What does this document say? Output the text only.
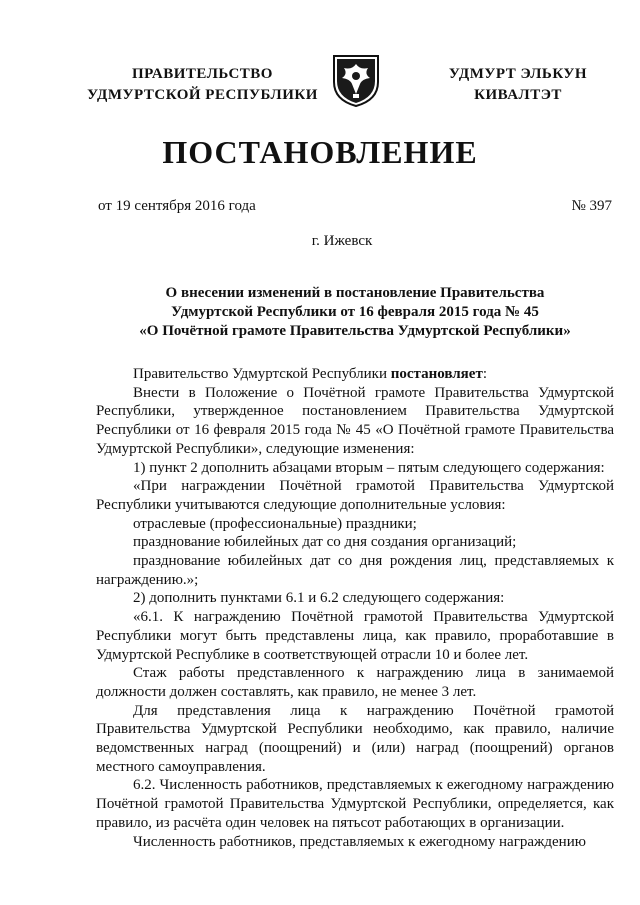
ПРАВИТЕЛЬСТВО
УДМУРТСКОЙ РЕСПУБЛИКИ
УДМУРТ ЭЛЬКУН
КИВАЛТЭТ
ПОСТАНОВЛЕНИЕ
от 19 сентября 2016 года	№ 397
г. Ижевск
О внесении изменений в постановление Правительства
Удмуртской Республики от 16 февраля 2015 года № 45
«О Почётной грамоте Правительства Удмуртской Республики»

Правительство Удмуртской Республики постановляет:

Внести в Положение о Почётной грамоте Правительства Удмуртской Республики, утвержденное постановлением Правительства Удмуртской Республики от 16 февраля 2015 года № 45 «О Почётной грамоте Правительства Удмуртской Республики», следующие изменения:

1) пункт 2 дополнить абзацами вторым – пятым следующего содержания:

«При награждении Почётной грамотой Правительства Удмуртской Республики учитываются следующие дополнительные условия:

отраслевые (профессиональные) праздники;

празднование юбилейных дат со дня создания организаций;

празднование юбилейных дат со дня рождения лиц, представляемых к награждению.»;

2) дополнить пунктами 6.1 и 6.2 следующего содержания:

«6.1. К награждению Почётной грамотой Правительства Удмуртской Республики могут быть представлены лица, как правило, проработавшие в Удмуртской Республике в соответствующей отрасли 10 и более лет.

Стаж работы представленного к награждению лица в занимаемой должности должен составлять, как правило, не менее 3 лет.

Для представления лица к награждению Почётной грамотой Правительства Удмуртской Республики необходимо, как правило, наличие ведомственных наград (поощрений) и (или) наград (поощрений) органов местного самоуправления.

6.2. Численность работников, представляемых к ежегодному награждению Почётной грамотой Правительства Удмуртской Республики, определяется, как правило, из расчёта один человек на пятьсот работающих в организации.

Численность работников, представляемых к ежегодному награждению
